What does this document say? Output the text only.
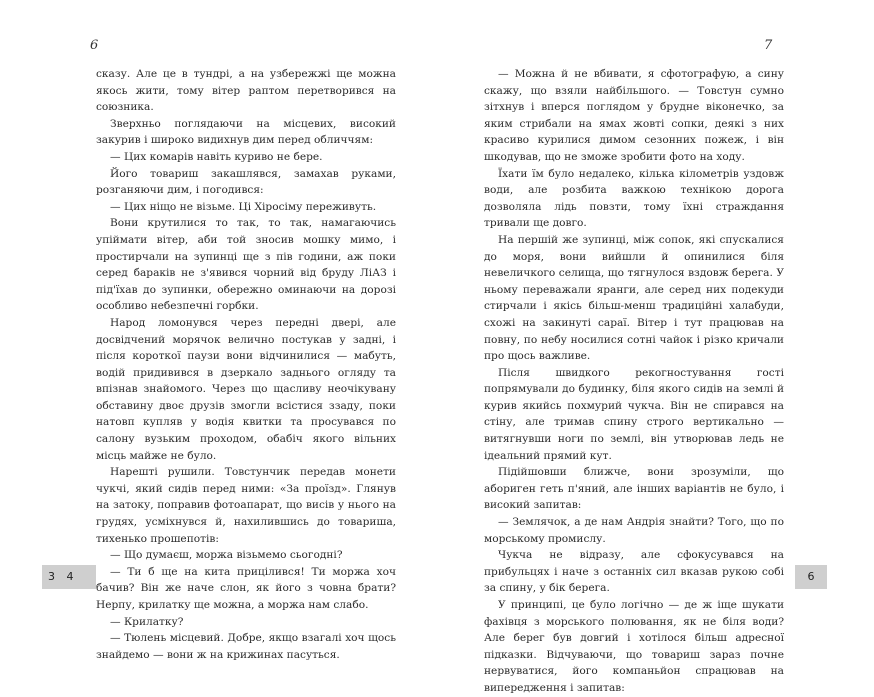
6

сказу. Але це в тундрі, а на узбережжі ще можна якось жити, тому вітер раптом перетворився на союзника.

Зверхньо поглядаючи на місцевих, високий закурив і широко видихнув дим перед обличчям:

— Цих комарів навіть куриво не бере.

Його товариш закашлявся, замахав руками, розганяючи дим, і погодився:

— Цих ніщо не візьме. Ці Хіросіму переживуть.

Вони крутилися то так, то так, намагаючись упіймати вітер, аби той зносив мошку мимо, і простирчали на зупинці ще з пів години, аж поки серед бараків не з'явився чорний від бруду ЛіАЗ і під'їхав до зупинки, обережно оминаючи на дорозі особливо небезпечні горбки.

Народ ломонувся через передні двері, але досвідчений морячок велично постукав у задні, і після короткої паузи вони відчинилися — мабуть, водій придивився в дзеркало заднього огляду та впізнав знайомого. Через що щасливу неочікувану обставину двоє друзів змогли всістися ззаду, поки натовп купляв у водія квитки та просувався по салону вузьким проходом, обабіч якого вільних місць майже не було.

Нарешті рушили. Товстунчик передав монети чукчі, який сидів перед ними: «За проїзд». Глянув на затоку, поправив фотоапарат, що висів у нього на грудях, усміхнувся й, нахилившись до товариша, тихенько прошепотів:

— Що думаєш, моржа візьмемо сьогодні?

— Ти б ще на кита прицілився! Ти моржа хоч бачив? Він же наче слон, як його з човна брати? Нерпу, крилатку ще можна, а моржа нам слабо.

— Крилатку?

— Тюлень місцевий. Добре, якщо взагалі хоч щось знайдемо — вони ж на крижинах пасуться.

3 4
7

— Можна й не вбивати, я сфотографую, а сину скажу, що взяли найбільшого. — Товстун сумно зітхнув і вперся поглядом у брудне віконечко, за яким стрибали на ямах жовті сопки, деякі з них красиво курилися димом сезонних пожеж, і він шкодував, що не зможе зробити фото на ходу.

Їхати їм було недалеко, кілька кілометрів уздовж води, але розбита важкою технікою дорога дозволяла лідь повзти, тому їхні страждання тривали ще довго.

На першій же зупинці, між сопок, які спускалися до моря, вони вийшли й опинилися біля невеличкого селища, що тягнулося вздовж берега. У ньому переважали яранги, але серед них подекуди стирчали і якісь більш-менш традиційні халабуди, схожі на закинуті сараї. Вітер і тут працював на повну, по небу носилися сотні чайок і різко кричали про щось важливе.

Після швидкого рекогностування гості попрямували до будинку, біля якого сидів на землі й курив якийсь похмурий чукча. Він не спирався на стіну, але тримав спину строго вертикально — витягнувши ноги по землі, він утворював ледь не ідеальний прямий кут.

Підійшовши ближче, вони зрозуміли, що абориген геть п'яний, але інших варіантів не було, і високий запитав:

— Землячок, а де нам Андрія знайти? Того, що по морському промислу.

Чукча не відразу, але сфокусувався на прибульцях і наче з останніх сил вказав рукою собі за спину, у бік берега.

У принципі, це було логічно — де ж іще шукати фахівця з морського полювання, як не біля води? Але берег був довгий і хотілося більш адресної підказки. Відчуваючи, що товариш зараз почне нервуватися, його компаньйон спрацював на випередження і запитав:

6
